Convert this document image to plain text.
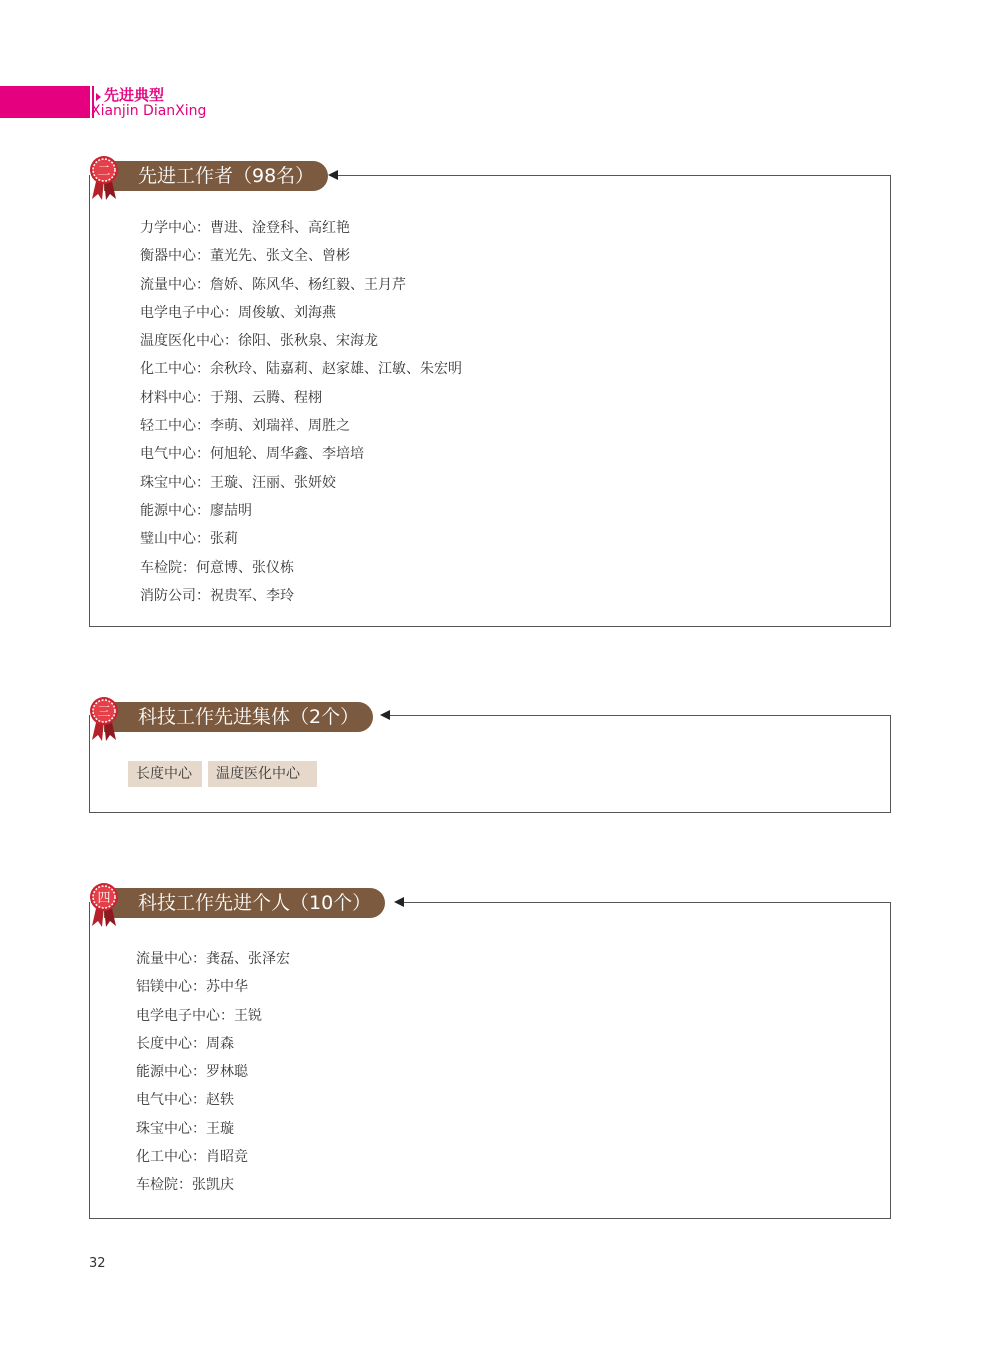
先进典型
Xianjin DianXing
先进工作者（98名）
二
力学中心：曹进、淦登科、高红艳
衡器中心：董光先、张文全、曾彬
流量中心：詹娇、陈风华、杨红毅、王月芹
电学电子中心：周俊敏、刘海燕
温度医化中心：徐阳、张秋泉、宋海龙
化工中心：余秋玲、陆嘉莉、赵家雄、江敏、朱宏明
材料中心：于翔、云腾、程栩
轻工中心：李萌、刘瑞祥、周胜之
电气中心：何旭轮、周华鑫、李培培
珠宝中心：王璇、汪丽、张妍姣
能源中心：廖喆明
璧山中心：张莉
车检院：何意博、张仪栋
消防公司：祝贵军、李玲
科技工作先进集体（2个）
三
长度中心	温度医化中心
科技工作先进个人（10个）
四
流量中心：龚磊、张泽宏
铝镁中心：苏中华
电学电子中心：王锐
长度中心：周森
能源中心：罗林聪
电气中心：赵轶
珠宝中心：王璇
化工中心：肖昭竞
车检院：张凯庆
32
